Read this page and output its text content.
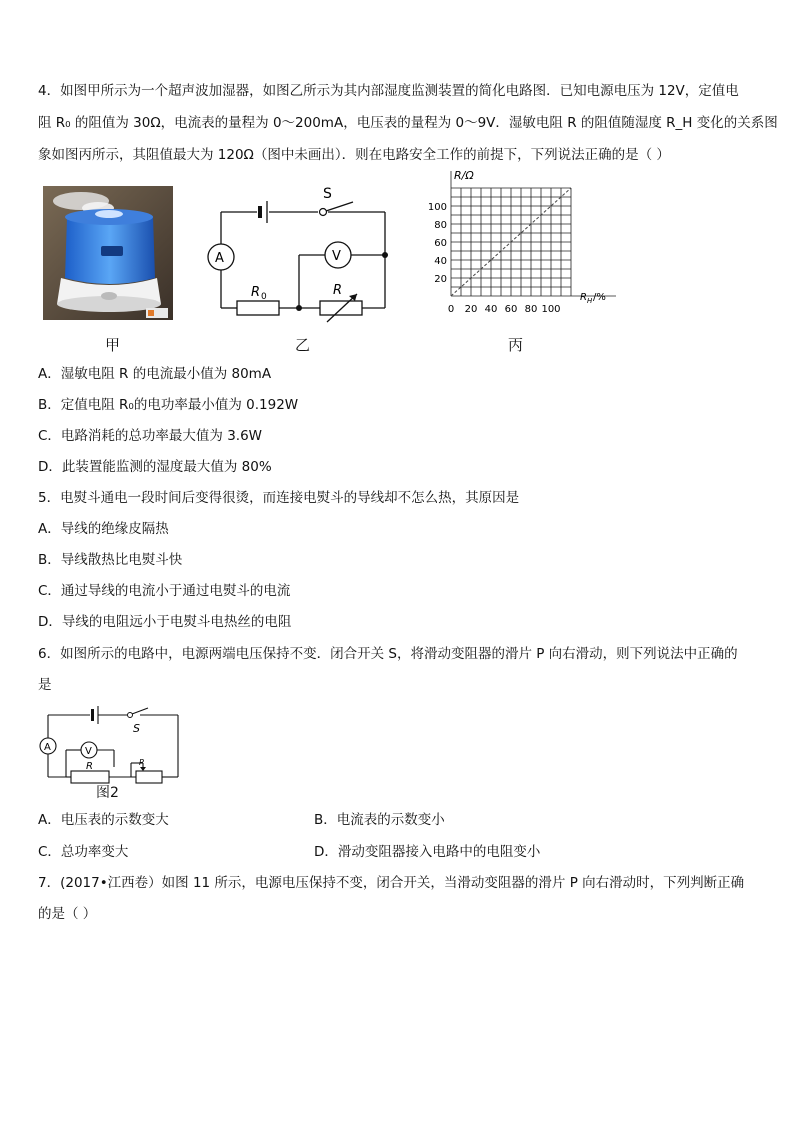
4．如图甲所示为一个超声波加湿器，如图乙所示为其内部湿度监测装置的简化电路图．已知电源电压为 12V，定值电
阻 R₀ 的阻值为 30Ω，电流表的量程为 0～200mA，电压表的量程为 0～9V．湿敏电阻 R 的阻值随湿度 R_H 变化的关系图
象如图丙所示，其阻值最大为 120Ω（图中未画出）．则在电路安全工作的前提下，下列说法正确的是（ ）
甲
S
A	V
R 0	R
乙
R/Ω
R H /%
20
40
60
80
100
0 20 40 60 80 100
丙
A．湿敏电阻 R 的电流最小值为 80mA
B．定值电阻 R₀的电功率最小值为 0.192W
C．电路消耗的总功率最大值为 3.6W
D．此装置能监测的湿度最大值为 80%
5．电熨斗通电一段时间后变得很烫，而连接电熨斗的导线却不怎么热，其原因是
A．导线的绝缘皮隔热
B．导线散热比电熨斗快
C．通过导线的电流小于通过电熨斗的电流
D．导线的电阻远小于电熨斗电热丝的电阻
6．如图所示的电路中，电源两端电压保持不变．闭合开关 S，将滑动变阻器的滑片 P 向右滑动，则下列说法中正确的
是
S
A	V
R	P
图2
A．电压表的示数变大	B．电流表的示数变小
C．总功率变大	D．滑动变阻器接入电路中的电阻变小
7．(2017•江西卷）如图 11 所示，电源电压保持不变，闭合开关，当滑动变阻器的滑片 P 向右滑动时，下列判断正确
的是（ ）
